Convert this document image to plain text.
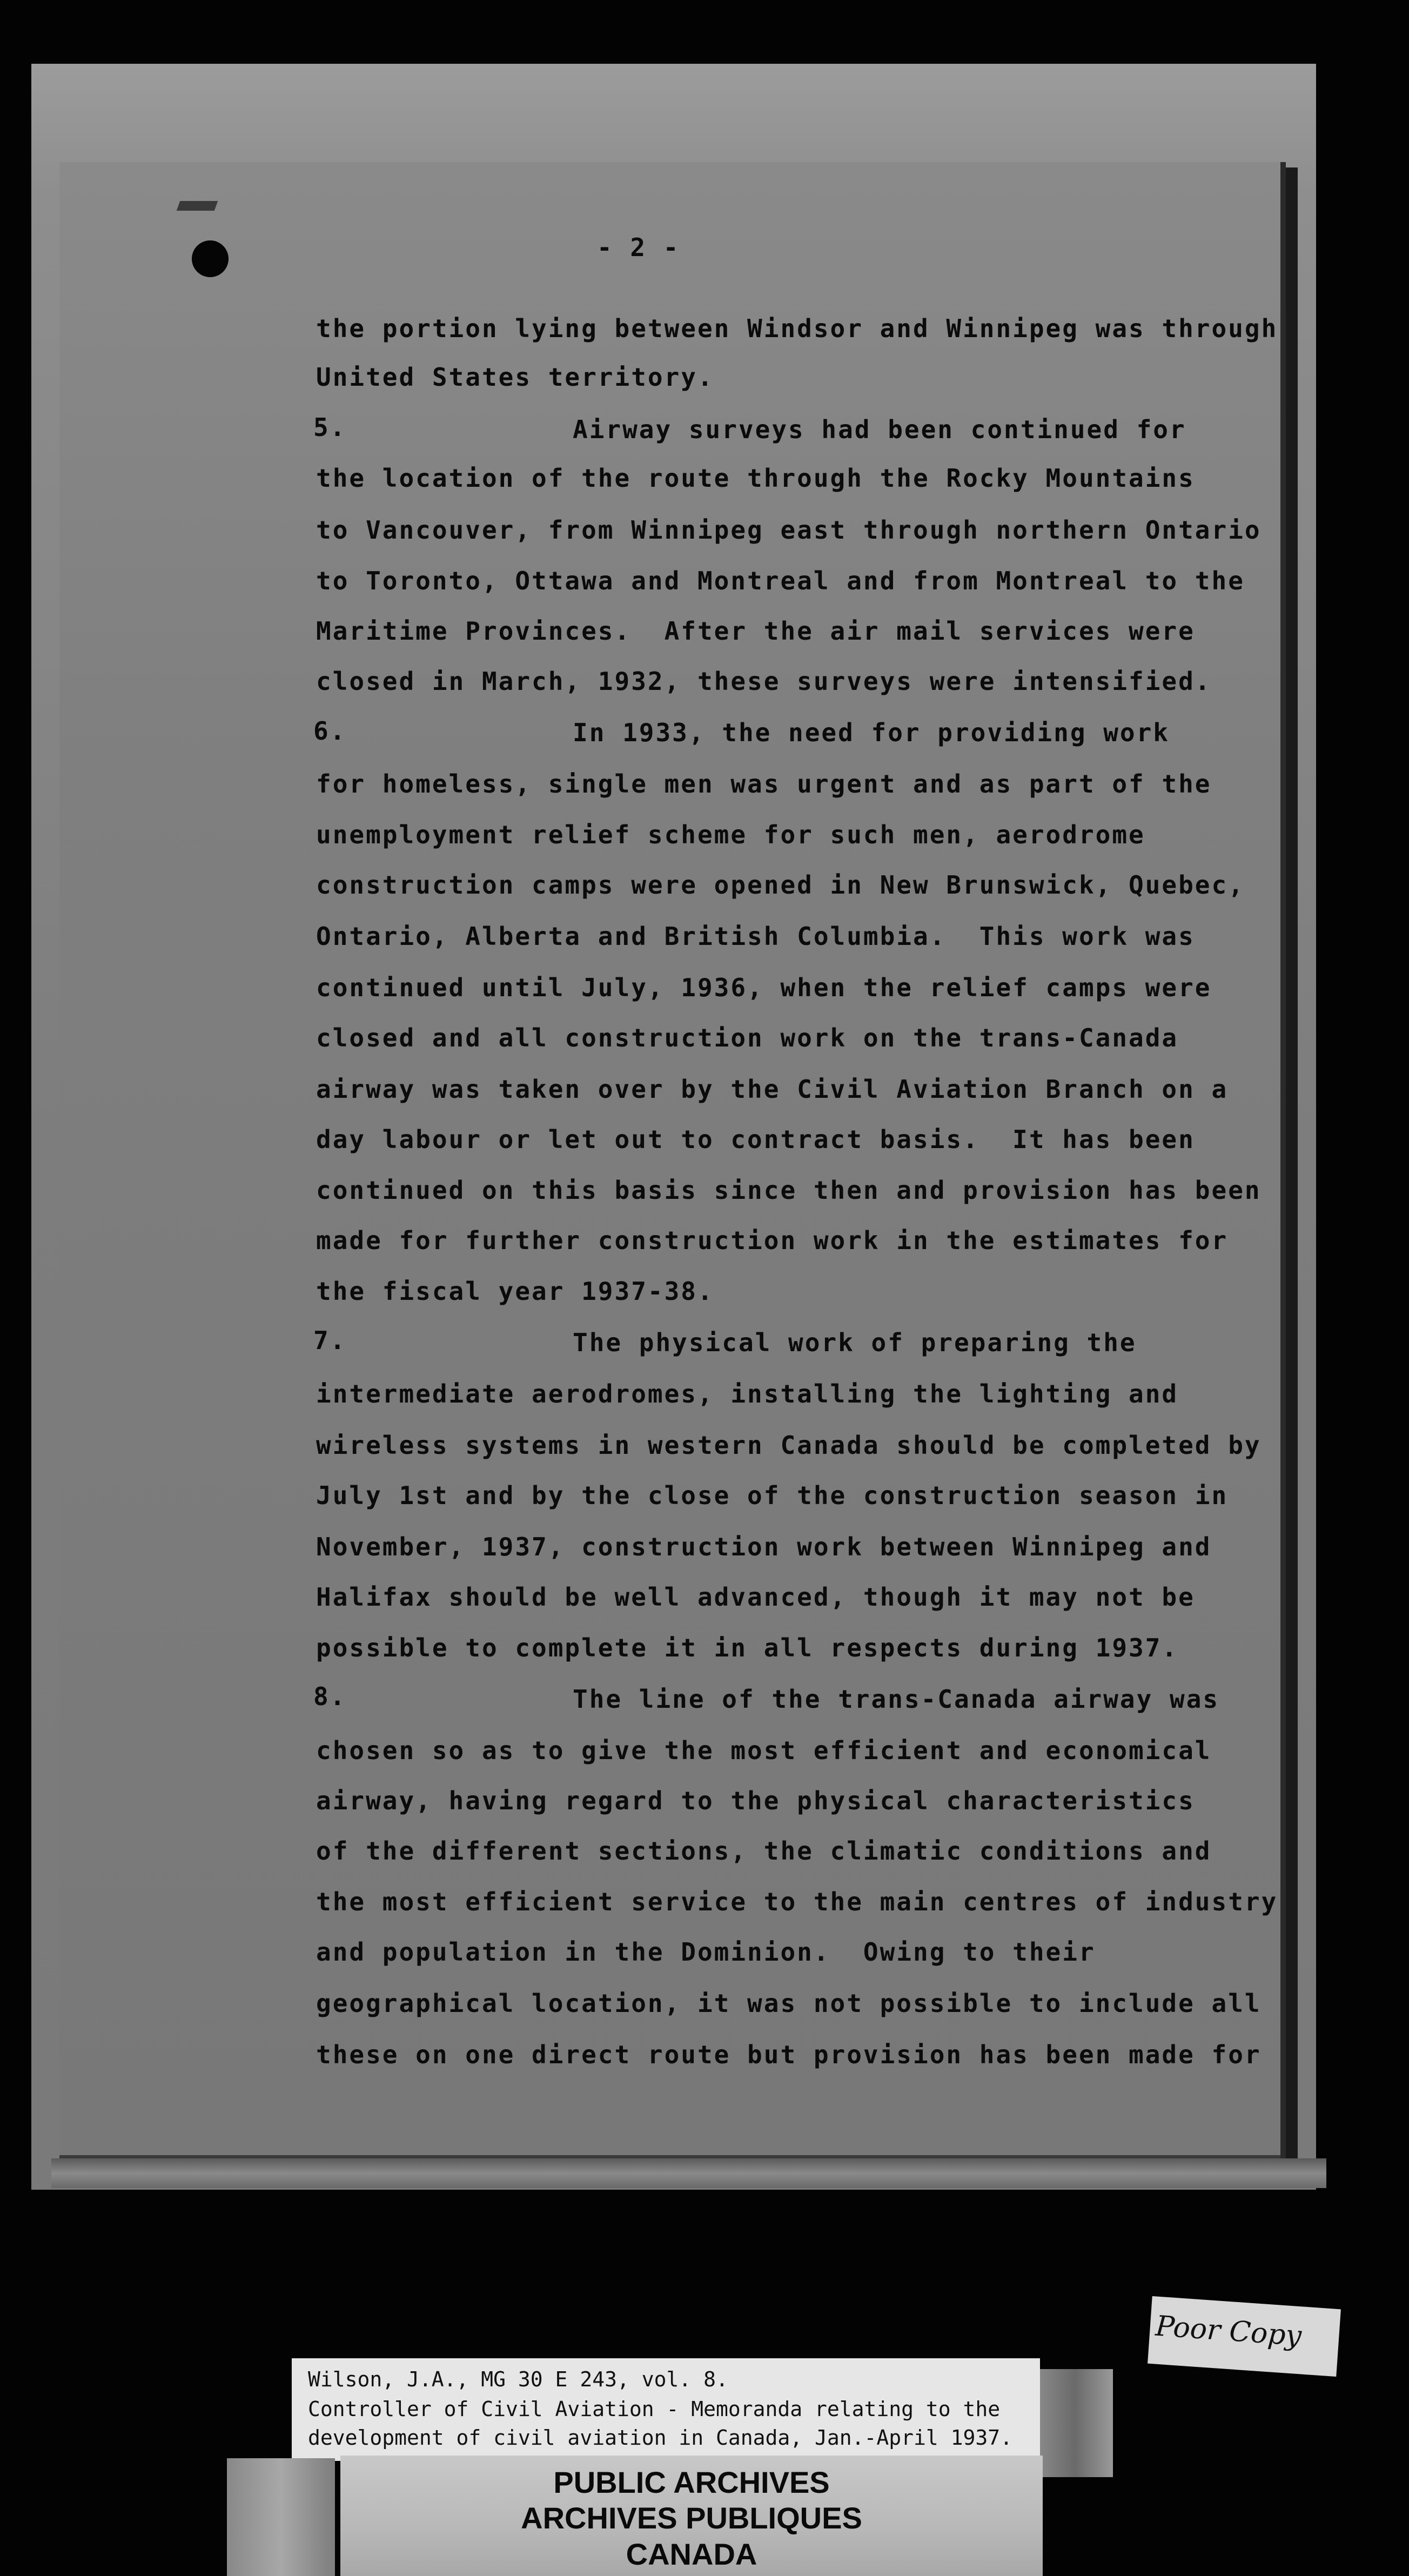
- 2 -
the portion lying between Windsor and Winnipeg was through
United States territory.
5.	Airway surveys had been continued for
the location of the route through the Rocky Mountains
to Vancouver, from Winnipeg east through northern Ontario
to Toronto, Ottawa and Montreal and from Montreal to the
Maritime Provinces.  After the air mail services were
closed in March, 1932, these surveys were intensified.
6.	In 1933, the need for providing work
for homeless, single men was urgent and as part of the
unemployment relief scheme for such men, aerodrome
construction camps were opened in New Brunswick, Quebec,
Ontario, Alberta and British Columbia.  This work was
continued until July, 1936, when the relief camps were
closed and all construction work on the trans-Canada
airway was taken over by the Civil Aviation Branch on a
day labour or let out to contract basis.  It has been
continued on this basis since then and provision has been
made for further construction work in the estimates for
the fiscal year 1937-38.
7.	The physical work of preparing the
intermediate aerodromes, installing the lighting and
wireless systems in western Canada should be completed by
July 1st and by the close of the construction season in
November, 1937, construction work between Winnipeg and
Halifax should be well advanced, though it may not be
possible to complete it in all respects during 1937.
8.	The line of the trans-Canada airway was
chosen so as to give the most efficient and economical
airway, having regard to the physical characteristics
of the different sections, the climatic conditions and
the most efficient service to the main centres of industry
and population in the Dominion.  Owing to their
geographical location, it was not possible to include all
these on one direct route but provision has been made for
Poor Copy
Wilson, J.A., MG 30 E 243, vol. 8.
Controller of Civil Aviation - Memoranda relating to the
development of civil aviation in Canada, Jan.-April 1937.
PUBLIC ARCHIVES
ARCHIVES PUBLIQUES
CANADA
